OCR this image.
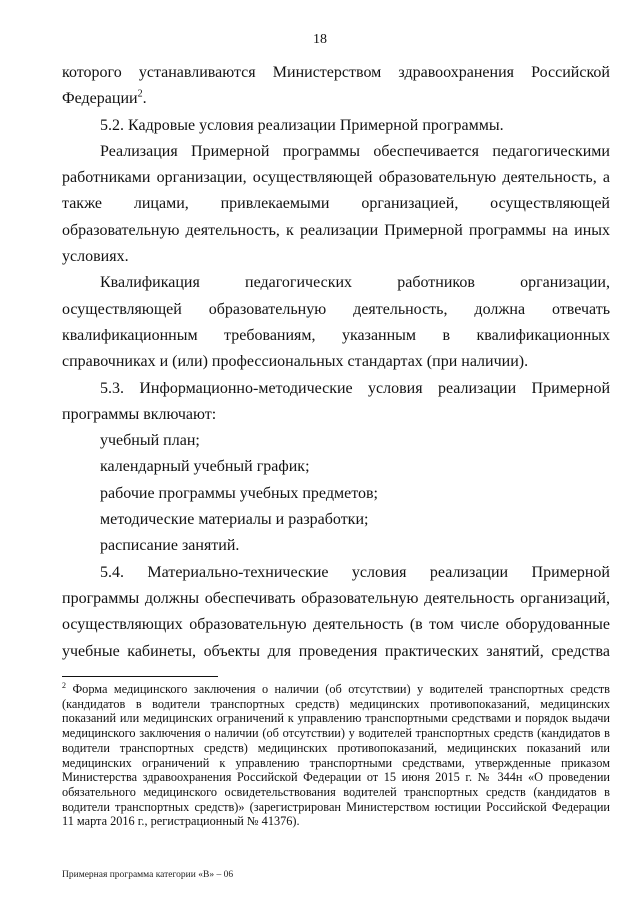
18

которого устанавливаются Министерством здравоохранения Российской Федерации$^2$.

5.2. Кадровые условия реализации Примерной программы.

Реализация Примерной программы обеспечивается педагогическими работниками организации, осуществляющей образовательную деятельность, а также лицами, привлекаемыми организацией, осуществляющей образовательную деятельность, к реализации Примерной программы на иных условиях.

Квалификация педагогических работников организации, осуществляющей образовательную деятельность, должна отвечать квалификационным требованиям, указанным в квалификационных справочниках и (или) профессиональных стандартах (при наличии).

5.3. Информационно-методические условия реализации Примерной программы включают:

учебный план;

календарный учебный график;

рабочие программы учебных предметов;

методические материалы и разработки;

расписание занятий.

5.4. Материально-технические условия реализации Примерной программы должны обеспечивать образовательную деятельность организаций, осуществляющих образовательную деятельность (в том числе оборудованные учебные кабинеты, объекты для проведения практических занятий, средства

$^2$ Форма медицинского заключения о наличии (об отсутствии) у водителей транспортных средств (кандидатов в водители транспортных средств) медицинских противопоказаний, медицинских показаний или медицинских ограничений к управлению транспортными средствами и порядок выдачи медицинского заключения о наличии (об отсутствии) у водителей транспортных средств (кандидатов в водители транспортных средств) медицинских противопоказаний, медицинских показаний или медицинских ограничений к управлению транспортными средствами, утвержденные приказом Министерства здравоохранения Российской Федерации от 15 июня 2015 г. № 344н «О проведении обязательного медицинского освидетельствования водителей транспортных средств (кандидатов в водители транспортных средств)» (зарегистрирован Министерством юстиции Российской Федерации 11 марта 2016 г., регистрационный № 41376).
Примерная программа категории «В» – 06
